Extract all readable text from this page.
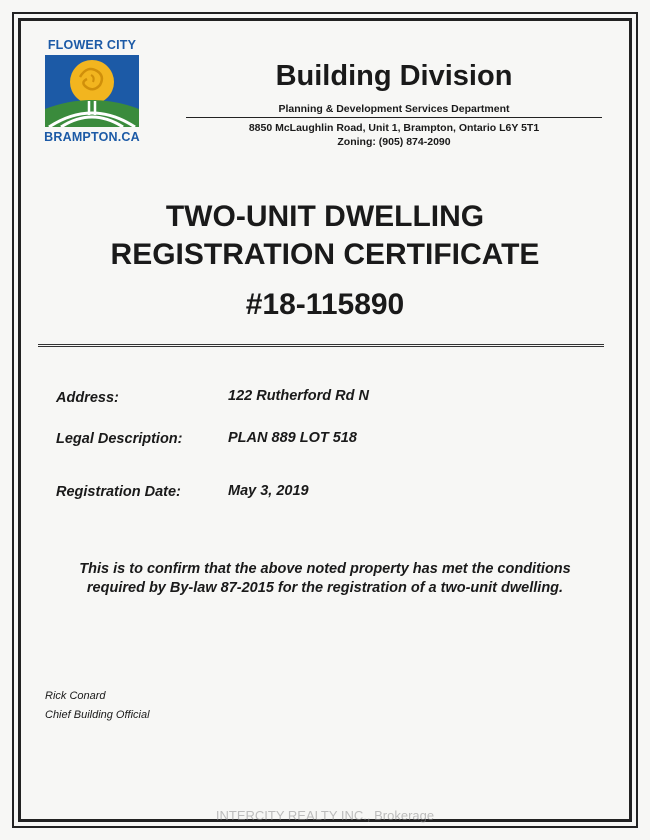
FLOWER CITY
BRAMPTON.CA
Building Division
Planning & Development Services Department
8850 McLaughlin Road, Unit 1, Brampton, Ontario L6Y 5T1
Zoning: (905) 874-2090
TWO-UNIT DWELLING
REGISTRATION CERTIFICATE
#18-115890
Address:	122 Rutherford Rd N
Legal Description:	PLAN 889 LOT 518
Registration Date:	May 3, 2019
This is to confirm that the above noted property has met the conditions
required by By-law 87-2015 for the registration of a two-unit dwelling.
Rick Conard
Chief Building Official
INTERCITY REALTY INC., Brokerage
